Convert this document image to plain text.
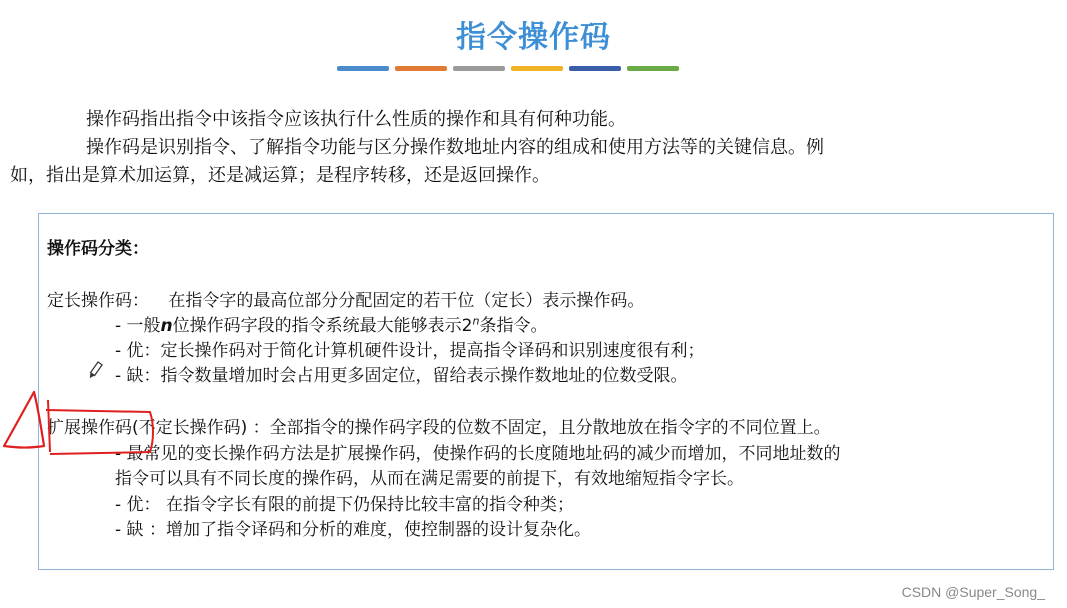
指令操作码
操作码指出指令中该指令应该执行什么性质的操作和具有何种功能。
操作码是识别指令、了解指令功能与区分操作数地址内容的组成和使用方法等的关键信息。例
如，指出是算术加运算，还是减运算；是程序转移，还是返回操作。
操作码分类：
定长操作码： 在指令字的最高位部分分配固定的若干位（定长）表示操作码。
- 一般n位操作码字段的指令系统最大能够表示2$^n$条指令。
- 优：定长操作码对于简化计算机硬件设计，提高指令译码和识别速度很有利；
- 缺：指令数量增加时会占用更多固定位，留给表示操作数地址的位数受限。
扩展操作码(不定长操作码) ：全部指令的操作码字段的位数不固定，且分散地放在指令字的不同位置上。
- 最常见的变长操作码方法是扩展操作码，使操作码的长度随地址码的减少而增加，不同地址数的
指令可以具有不同长度的操作码，从而在满足需要的前提下，有效地缩短指令字长。
- 优： 在指令字长有限的前提下仍保持比较丰富的指令种类；
- 缺 ：增加了指令译码和分析的难度，使控制器的设计复杂化。
CSDN @Super_Song_
